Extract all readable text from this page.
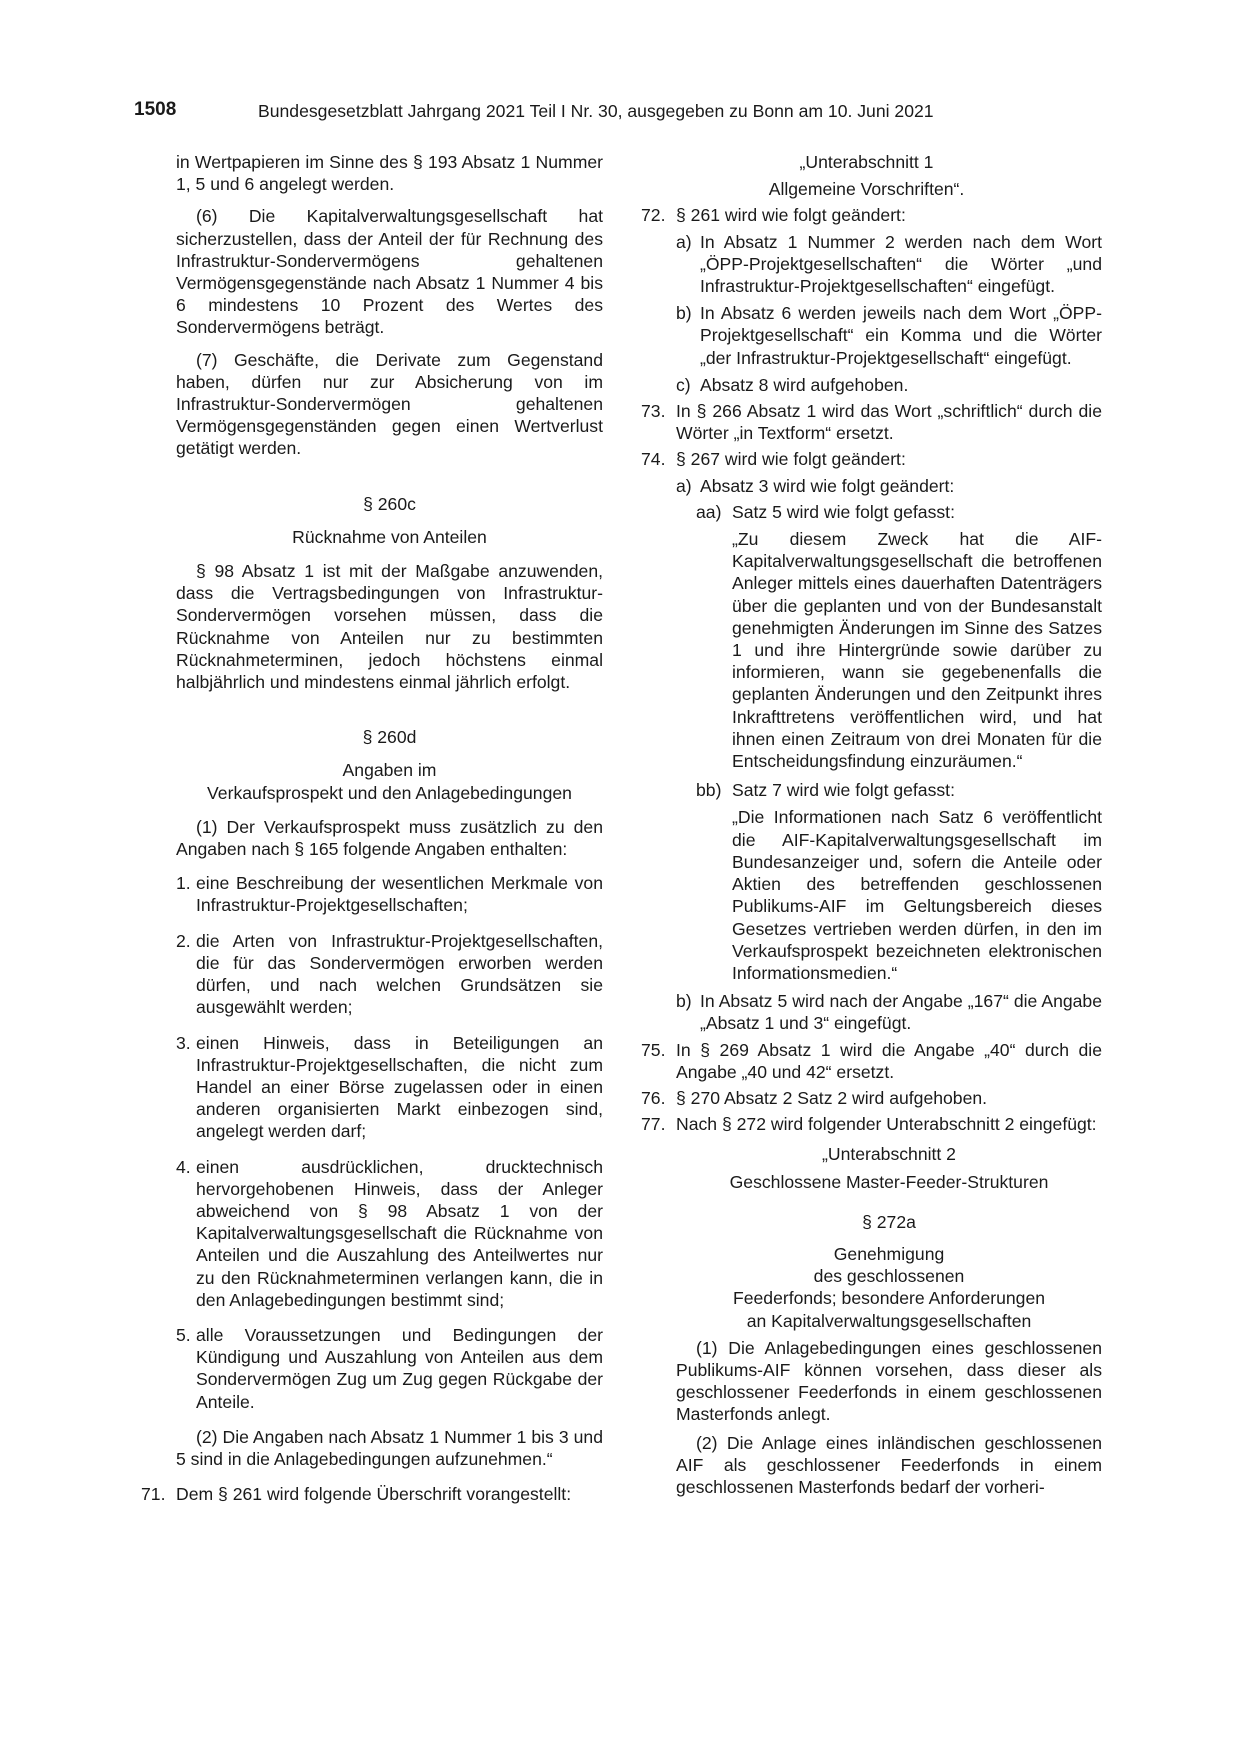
1508	Bundesgesetzblatt Jahrgang 2021 Teil I Nr. 30, ausgegeben zu Bonn am 10. Juni 2021

in Wertpapieren im Sinne des § 193 Absatz 1 Nummer 1, 5 und 6 angelegt werden.

(6) Die Kapitalverwaltungsgesellschaft hat sicherzustellen, dass der Anteil der für Rechnung des Infrastruktur-Sondervermögens gehaltenen Vermögensgegenstände nach Absatz 1 Nummer 4 bis 6 mindestens 10 Prozent des Wertes des Sondervermögens beträgt.

(7) Geschäfte, die Derivate zum Gegenstand haben, dürfen nur zur Absicherung von im Infrastruktur-Sondervermögen gehaltenen Vermögensgegenständen gegen einen Wertverlust getätigt werden.

§ 260c

Rücknahme von Anteilen

§ 98 Absatz 1 ist mit der Maßgabe anzuwenden, dass die Vertragsbedingungen von Infrastruktur-Sondervermögen vorsehen müssen, dass die Rücknahme von Anteilen nur zu bestimmten Rücknahmeterminen, jedoch höchstens einmal halbjährlich und mindestens einmal jährlich erfolgt.

§ 260d

Angaben im

Verkaufsprospekt und den Anlagebedingungen

(1) Der Verkaufsprospekt muss zusätzlich zu den Angaben nach § 165 folgende Angaben enthalten:

1. eine Beschreibung der wesentlichen Merkmale von Infrastruktur-Projektgesellschaften;

2. die Arten von Infrastruktur-Projektgesellschaften, die für das Sondervermögen erworben werden dürfen, und nach welchen Grundsätzen sie ausgewählt werden;

3. einen Hinweis, dass in Beteiligungen an Infrastruktur-Projektgesellschaften, die nicht zum Handel an einer Börse zugelassen oder in einen anderen organisierten Markt einbezogen sind, angelegt werden darf;

4. einen ausdrücklichen, drucktechnisch hervorgehobenen Hinweis, dass der Anleger abweichend von § 98 Absatz 1 von der Kapitalverwaltungsgesellschaft die Rücknahme von Anteilen und die Auszahlung des Anteilwertes nur zu den Rücknahmeterminen verlangen kann, die in den Anlagebedingungen bestimmt sind;

5. alle Voraussetzungen und Bedingungen der Kündigung und Auszahlung von Anteilen aus dem Sondervermögen Zug um Zug gegen Rückgabe der Anteile.

(2) Die Angaben nach Absatz 1 Nummer 1 bis 3 und 5 sind in die Anlagebedingungen aufzunehmen.“

71. Dem § 261 wird folgende Überschrift vorangestellt:

„Unterabschnitt 1

Allgemeine Vorschriften“.

72. § 261 wird wie folgt geändert:

a) In Absatz 1 Nummer 2 werden nach dem Wort „ÖPP-Projektgesellschaften“ die Wörter „und Infrastruktur-Projektgesellschaften“ eingefügt.

b) In Absatz 6 werden jeweils nach dem Wort „ÖPP-Projektgesellschaft“ ein Komma und die Wörter „der Infrastruktur-Projektgesellschaft“ eingefügt.

c) Absatz 8 wird aufgehoben.

73. In § 266 Absatz 1 wird das Wort „schriftlich“ durch die Wörter „in Textform“ ersetzt.

74. § 267 wird wie folgt geändert:

a) Absatz 3 wird wie folgt geändert:

aa) Satz 5 wird wie folgt gefasst:

„Zu diesem Zweck hat die AIF-Kapitalverwaltungsgesellschaft die betroffenen Anleger mittels eines dauerhaften Datenträgers über die geplanten und von der Bundesanstalt genehmigten Änderungen im Sinne des Satzes 1 und ihre Hintergründe sowie darüber zu informieren, wann sie gegebenenfalls die geplanten Änderungen und den Zeitpunkt ihres Inkrafttretens veröffentlichen wird, und hat ihnen einen Zeitraum von drei Monaten für die Entscheidungsfindung einzuräumen.“

bb) Satz 7 wird wie folgt gefasst:

„Die Informationen nach Satz 6 veröffentlicht die AIF-Kapitalverwaltungsgesellschaft im Bundesanzeiger und, sofern die Anteile oder Aktien des betreffenden geschlossenen Publikums-AIF im Geltungsbereich dieses Gesetzes vertrieben werden dürfen, in den im Verkaufsprospekt bezeichneten elektronischen Informationsmedien.“

b) In Absatz 5 wird nach der Angabe „167“ die Angabe „Absatz 1 und 3“ eingefügt.

75. In § 269 Absatz 1 wird die Angabe „40“ durch die Angabe „40 und 42“ ersetzt.

76. § 270 Absatz 2 Satz 2 wird aufgehoben.

77. Nach § 272 wird folgender Unterabschnitt 2 eingefügt:

„Unterabschnitt 2

Geschlossene Master-Feeder-Strukturen

§ 272a

Genehmigung

des geschlossenen

Feederfonds; besondere Anforderungen

an Kapitalverwaltungsgesellschaften

(1) Die Anlagebedingungen eines geschlossenen Publikums-AIF können vorsehen, dass dieser als geschlossener Feederfonds in einem geschlossenen Masterfonds anlegt.

(2) Die Anlage eines inländischen geschlossenen AIF als geschlossener Feederfonds in einem geschlossenen Masterfonds bedarf der vorheri-
